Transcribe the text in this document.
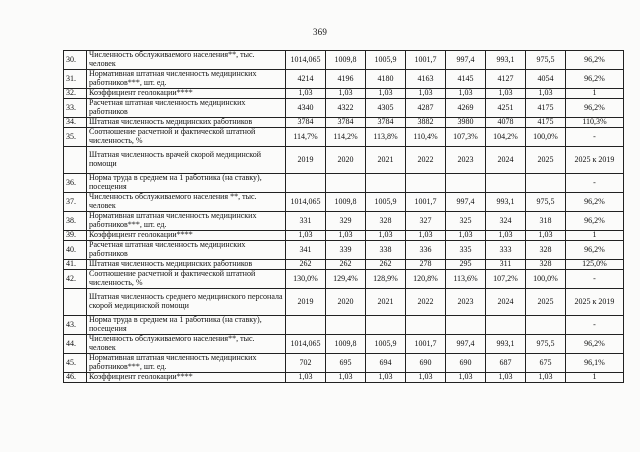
369
30.	Численность обслуживаемого населения**, тыс. человек	1014,065	1009,8	1005,9	1001,7	997,4	993,1	975,5	96,2%
31.	Нормативная штатная численность медицинских работников***, шт. ед.	4214	4196	4180	4163	4145	4127	4054	96,2%
32.	Коэффициент геолокации****	1,03	1,03	1,03	1,03	1,03	1,03	1,03	1
33.	Расчетная штатная численность медицинских работников	4340	4322	4305	4287	4269	4251	4175	96,2%
34.	Штатная численность медицинских работников	3784	3784	3784	3882	3980	4078	4175	110,3%
35.	Соотношение расчетной и фактической штатной численность, %	114,7%	114,2%	113,8%	110,4%	107,3%	104,2%	100,0%	-
	Штатная численность врачей скорой медицинской помощи	2019	2020	2021	2022	2023	2024	2025	2025 к 2019
36.	Норма труда в среднем на 1 работника (на ставку), посещения								-
37.	Численность обслуживаемого населения **, тыс. человек	1014,065	1009,8	1005,9	1001,7	997,4	993,1	975,5	96,2%
38.	Нормативная штатная численность медицинских работников***, шт. ед.	331	329	328	327	325	324	318	96,2%
39.	Коэффициент геолокации****	1,03	1,03	1,03	1,03	1,03	1,03	1,03	1
40.	Расчетная штатная численность медицинских работников	341	339	338	336	335	333	328	96,2%
41.	Штатная численность медицинских работников	262	262	262	278	295	311	328	125,0%
42.	Соотношение расчетной и фактической штатной численность, %	130,0%	129,4%	128,9%	120,8%	113,6%	107,2%	100,0%	-
	Штатная численность среднего медицинского персонала скорой медицинской помощи	2019	2020	2021	2022	2023	2024	2025	2025 к 2019
43.	Норма труда в среднем на 1 работника (на ставку), посещения								-
44.	Численность обслуживаемого населения**, тыс. человек	1014,065	1009,8	1005,9	1001,7	997,4	993,1	975,5	96,2%
45.	Нормативная штатная численность медицинских работников***, шт. ед.	702	695	694	690	690	687	675	96,1%
46.	Коэффициент геолокации****	1,03	1,03	1,03	1,03	1,03	1,03	1,03	1
